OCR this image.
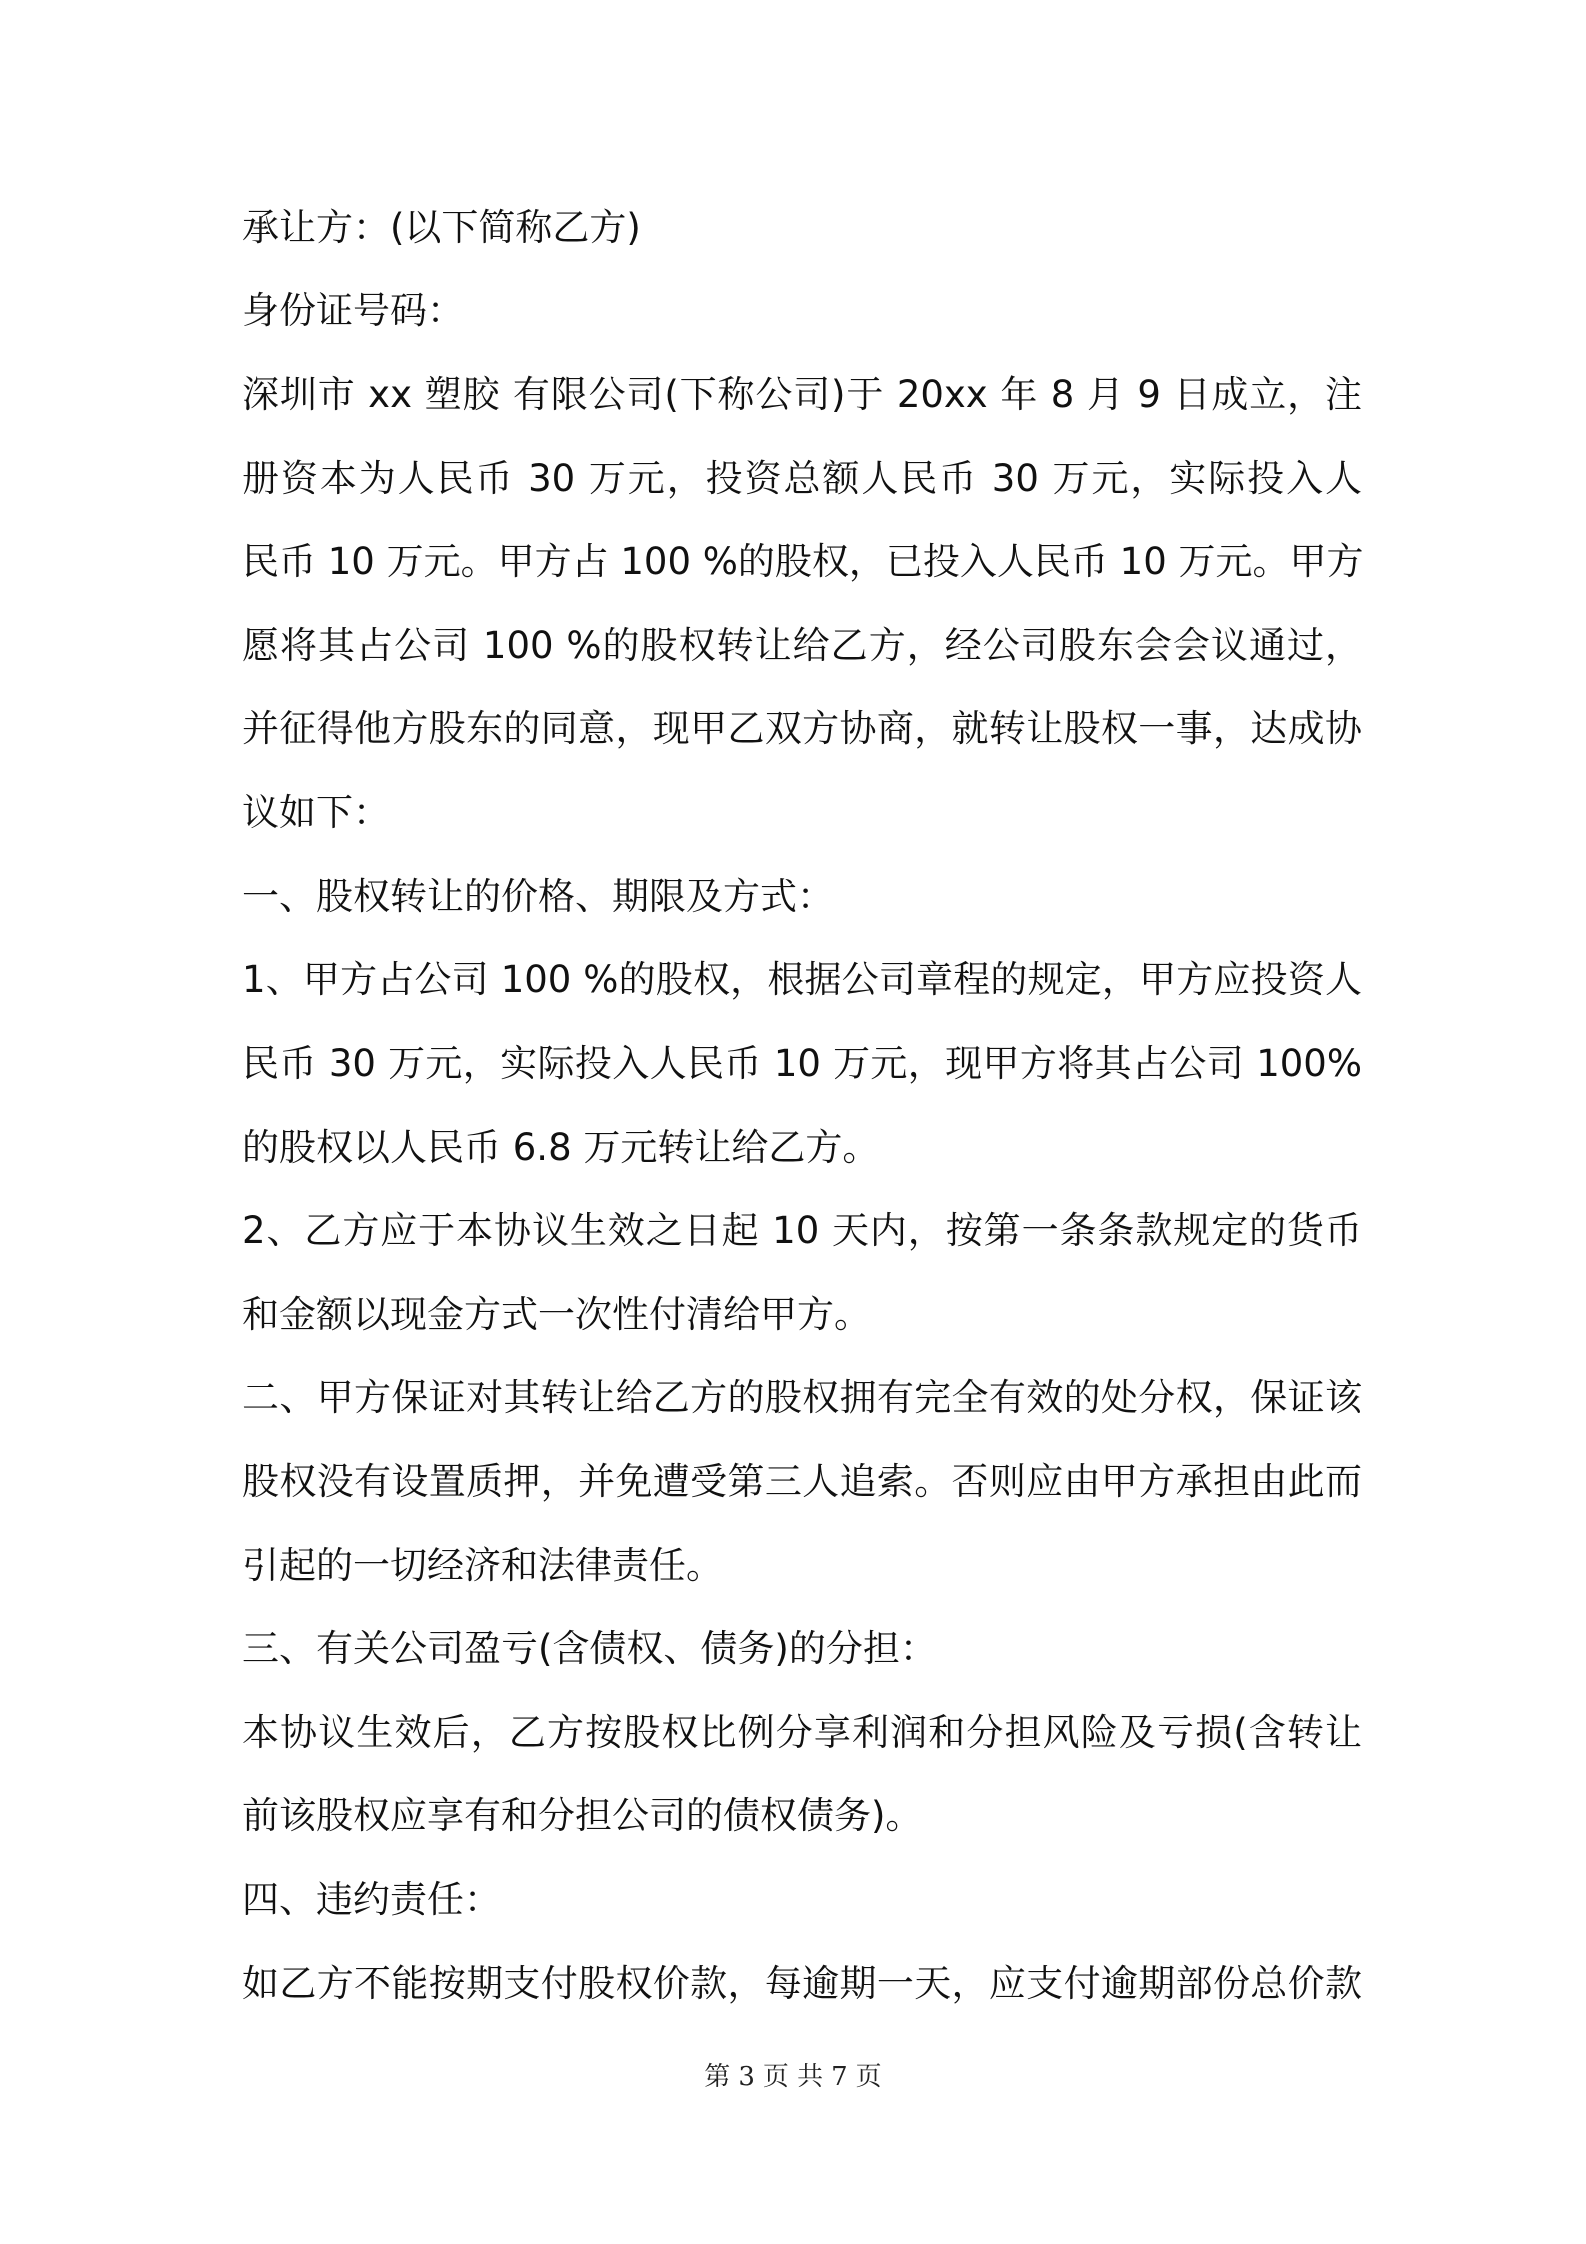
承让方：(以下简称乙方)
身份证号码：
深圳市 xx 塑胶 有限公司(下称公司)于 20xx 年 8 月 9 日成立，注
册资本为人民币 30 万元，投资总额人民币 30 万元，实际投入人
民币 10 万元。甲方占 100 %的股权，已投入人民币 10 万元。甲方
愿将其占公司 100 %的股权转让给乙方，经公司股东会会议通过，
并征得他方股东的同意，现甲乙双方协商，就转让股权一事，达成协
议如下：
一、股权转让的价格、期限及方式：
1、甲方占公司 100 %的股权，根据公司章程的规定，甲方应投资人
民币 30 万元，实际投入人民币 10 万元，现甲方将其占公司 100%
的股权以人民币 6.8 万元转让给乙方。
2、乙方应于本协议生效之日起 10 天内，按第一条条款规定的货币
和金额以现金方式一次性付清给甲方。
二、甲方保证对其转让给乙方的股权拥有完全有效的处分权，保证该
股权没有设置质押，并免遭受第三人追索。否则应由甲方承担由此而
引起的一切经济和法律责任。
三、有关公司盈亏(含债权、债务)的分担：
本协议生效后，乙方按股权比例分享利润和分担风险及亏损(含转让
前该股权应享有和分担公司的债权债务)。
四、违约责任：
如乙方不能按期支付股权价款，每逾期一天，应支付逾期部份总价款
第 3 页 共 7 页
